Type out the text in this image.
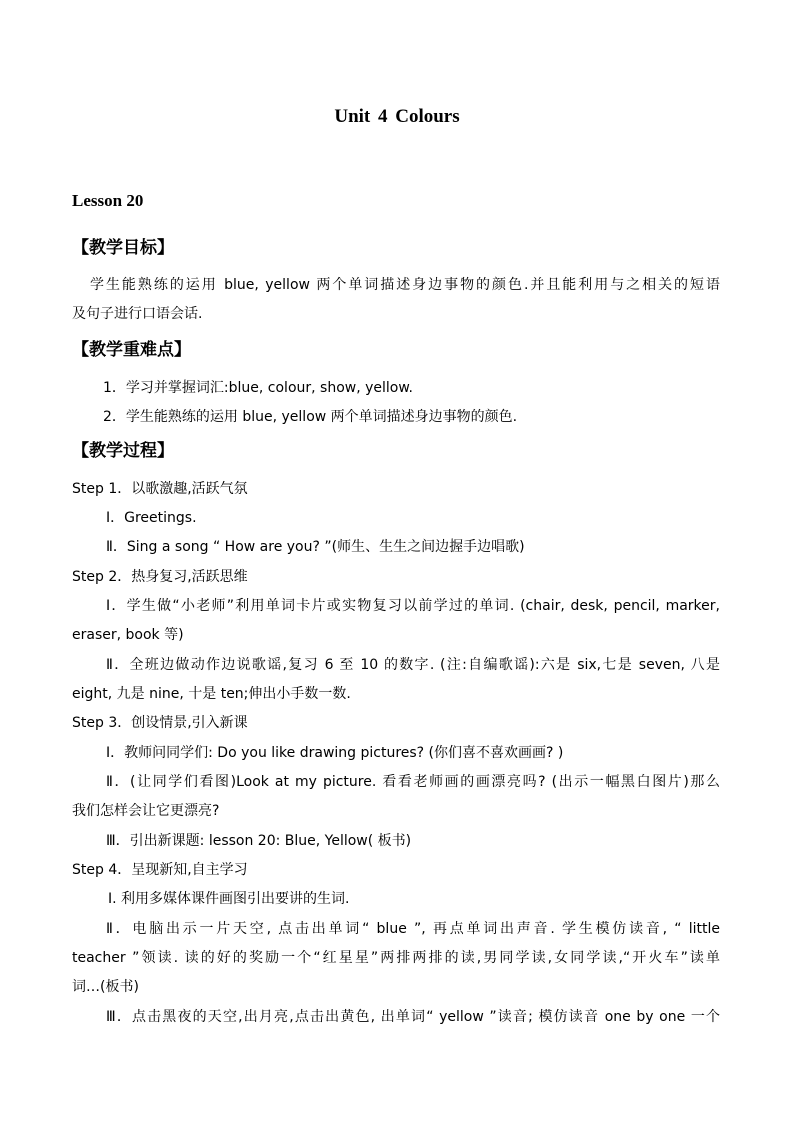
Unit 4 Colours
Lesson 20
【教学目标】
学生能熟练的运用 blue, yellow 两个单词描述身边事物的颜色.并且能利用与之相关的短语
及句子进行口语会话.
【教学重难点】
1．学习并掌握词汇:blue, colour, show, yellow.
2．学生能熟练的运用 blue, yellow 两个单词描述身边事物的颜色.
【教学过程】
Step 1．以歌激趣,活跃气氛
Ⅰ．Greetings.
Ⅱ．Sing a song “ How are you? ”(师生、生生之间边握手边唱歌)
Step 2．热身复习,活跃思维
Ⅰ．学生做“小老师”利用单词卡片或实物复习以前学过的单词. (chair, desk, pencil, marker,
eraser, book 等)
Ⅱ．全班边做动作边说歌谣,复习 6 至 10 的数字. (注:自编歌谣):六是 six,七是 seven, 八是
eight, 九是 nine, 十是 ten;伸出小手数一数.
Step 3．创设情景,引入新课
Ⅰ．教师问同学们: Do you like drawing pictures? (你们喜不喜欢画画? )
Ⅱ．(让同学们看图)Look at my picture. 看看老师画的画漂亮吗? (出示一幅黑白图片)那么
我们怎样会让它更漂亮?
Ⅲ．引出新课题: lesson 20: Blue, Yellow( 板书)
Step 4．呈现新知,自主学习
I. 利用多媒体课件画图引出要讲的生词.
Ⅱ．电脑出示一片天空, 点击出单词“ blue ”, 再点单词出声音. 学生模仿读音, “ little
teacher ”领读. 读的好的奖励一个“红星星”两排两排的读,男同学读,女同学读,“开火车”读单
词…(板书)
Ⅲ．点击黑夜的天空,出月亮,点击出黄色, 出单词“ yellow ”读音; 模仿读音 one by one 一个
